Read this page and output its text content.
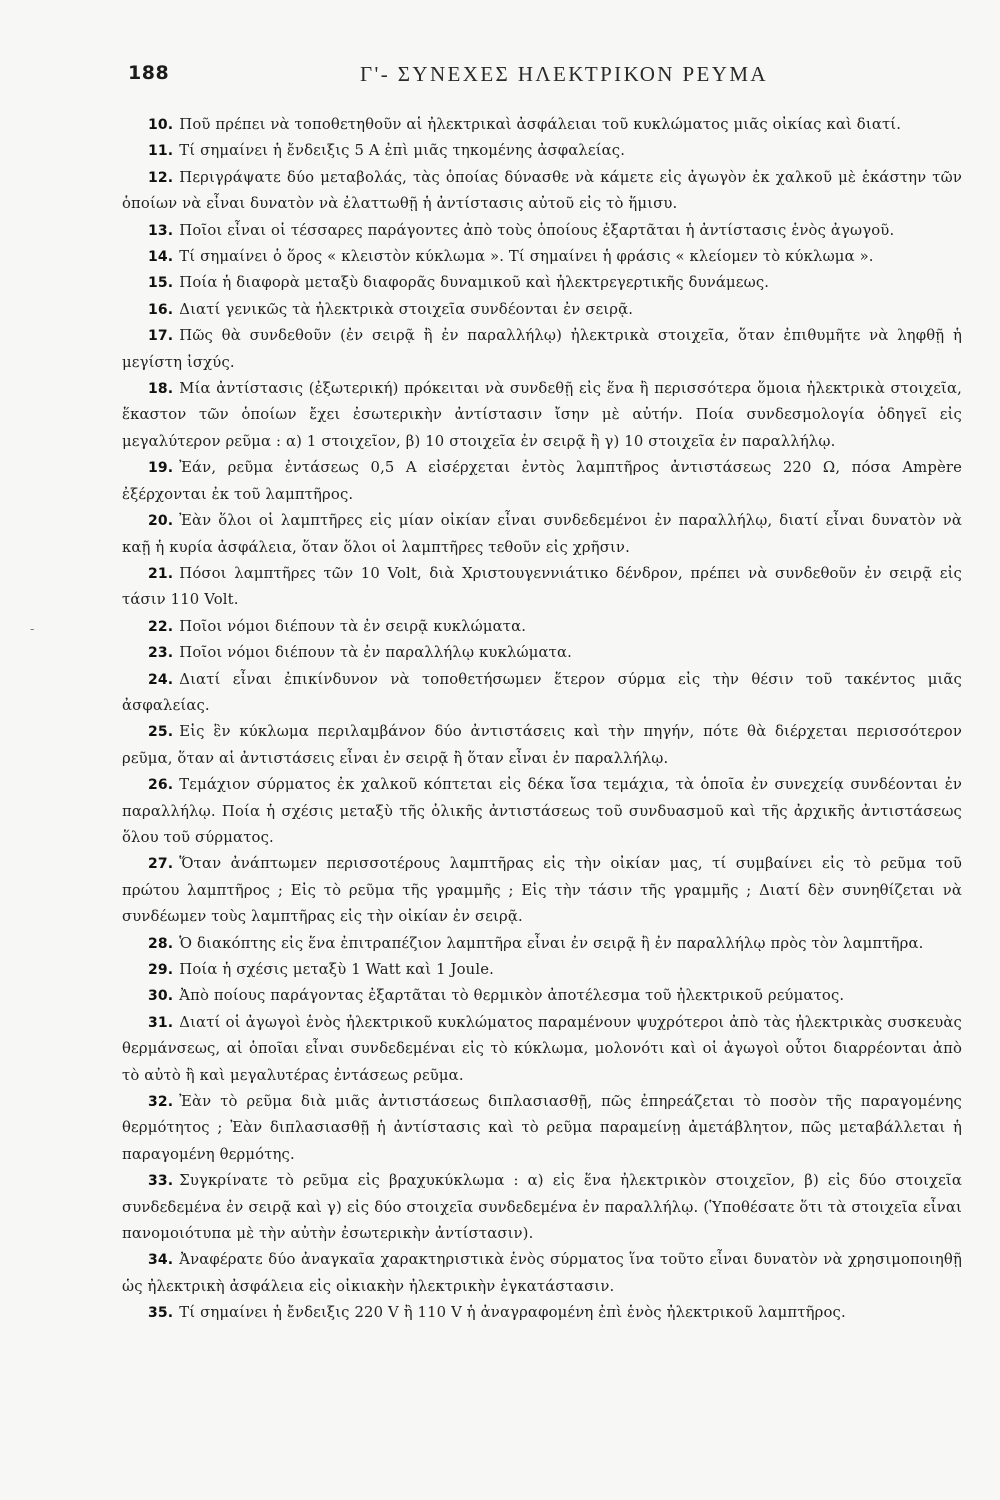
188	Γ'- ΣΥΝΕΧΕΣ ΗΛΕΚΤΡΙΚΟΝ ΡΕΥΜΑ
-
10. Ποῦ πρέπει νὰ τοποθετηθοῦν αἱ ἠλεκτρικαὶ ἀσφάλειαι τοῦ κυκλώματος μιᾶς οἰκίας καὶ διατί.
11. Τί σημαίνει ἡ ἔνδειξις 5 A ἐπὶ μιᾶς τηκομένης ἀσφαλείας.
12. Περιγράψατε δύο μεταβολάς, τὰς ὁποίας δύνασθε νὰ κάμετε εἰς ἀγωγὸν ἐκ χαλκοῦ μὲ ἑκάστην τῶν ὁποίων νὰ εἶναι δυνατὸν νὰ ἐλαττωθῇ ἡ ἀντίστασις αὐτοῦ εἰς τὸ ἥμισυ.
13. Ποῖοι εἶναι οἱ τέσσαρες παράγοντες ἀπὸ τοὺς ὁποίους ἐξαρτᾶται ἡ ἀντίστασις ἑνὸς ἀγωγοῦ.
14. Τί σημαίνει ὁ ὅρος « κλειστὸν κύκλωμα ». Τί σημαίνει ἡ φράσις « κλείομεν τὸ κύκλωμα ».
15. Ποία ἡ διαφορὰ μεταξὺ διαφορᾶς δυναμικοῦ καὶ ἠλεκτρεγερτικῆς δυνάμεως.
16. Διατί γενικῶς τὰ ἠλεκτρικὰ στοιχεῖα συνδέονται ἐν σειρᾷ.
17. Πῶς θὰ συνδεθοῦν (ἐν σειρᾷ ἢ ἐν παραλλήλῳ) ἠλεκτρικὰ στοιχεῖα, ὅταν ἐπιθυμῆτε νὰ ληφθῇ ἡ μεγίστη ἰσχύς.
18. Μία ἀντίστασις (ἐξωτερική) πρόκειται νὰ συνδεθῇ εἰς ἕνα ἢ περισσότερα ὅμοια ἠλεκτρικὰ στοιχεῖα, ἕκαστον τῶν ὁποίων ἔχει ἐσωτερικὴν ἀντίστασιν ἴσην μὲ αὐτήν. Ποία συνδεσμολογία ὁδηγεῖ εἰς μεγαλύτερον ρεῦμα : α) 1 στοιχεῖον, β) 10 στοιχεῖα ἐν σειρᾷ ἢ γ) 10 στοιχεῖα ἐν παραλλήλῳ.
19. Ἐάν, ρεῦμα ἐντάσεως 0,5 A εἰσέρχεται ἐντὸς λαμπτῆρος ἀντιστάσεως 220 Ω, πόσα Ampère ἐξέρχονται ἐκ τοῦ λαμπτῆρος.
20. Ἐὰν ὅλοι οἱ λαμπτῆρες εἰς μίαν οἰκίαν εἶναι συνδεδεμένοι ἐν παραλλήλῳ, διατί εἶναι δυνατὸν νὰ καῇ ἡ κυρία ἀσφάλεια, ὅταν ὅλοι οἱ λαμπτῆρες τεθοῦν εἰς χρῆσιν.
21. Πόσοι λαμπτῆρες τῶν 10 Volt, διὰ Χριστουγεννιάτικο δένδρον, πρέπει νὰ συνδεθοῦν ἐν σειρᾷ εἰς τάσιν 110 Volt.
22. Ποῖοι νόμοι διέπουν τὰ ἐν σειρᾷ κυκλώματα.
23. Ποῖοι νόμοι διέπουν τὰ ἐν παραλλήλῳ κυκλώματα.
24. Διατί εἶναι ἐπικίνδυνον νὰ τοποθετήσωμεν ἕτερον σύρμα εἰς τὴν θέσιν τοῦ τακέντος μιᾶς ἀσφαλείας.
25. Εἰς ἓν κύκλωμα περιλαμβάνον δύο ἀντιστάσεις καὶ τὴν πηγήν, πότε θὰ διέρχεται περισσότερον ρεῦμα, ὅταν αἱ ἀντιστάσεις εἶναι ἐν σειρᾷ ἢ ὅταν εἶναι ἐν παραλλήλῳ.
26. Τεμάχιον σύρματος ἐκ χαλκοῦ κόπτεται εἰς δέκα ἴσα τεμάχια, τὰ ὁποῖα ἐν συνεχείᾳ συνδέονται ἐν παραλλήλῳ. Ποία ἡ σχέσις μεταξὺ τῆς ὁλικῆς ἀντιστάσεως τοῦ συνδυασμοῦ καὶ τῆς ἀρχικῆς ἀντιστάσεως ὅλου τοῦ σύρματος.
27. Ὅταν ἀνάπτωμεν περισσοτέρους λαμπτῆρας εἰς τὴν οἰκίαν μας, τί συμβαίνει εἰς τὸ ρεῦμα τοῦ πρώτου λαμπτῆρος ; Εἰς τὸ ρεῦμα τῆς γραμμῆς ; Εἰς τὴν τάσιν τῆς γραμμῆς ; Διατί δὲν συνηθίζεται νὰ συνδέωμεν τοὺς λαμπτῆρας εἰς τὴν οἰκίαν ἐν σειρᾷ.
28. Ὁ διακόπτης εἰς ἕνα ἐπιτραπέζιον λαμπτῆρα εἶναι ἐν σειρᾷ ἢ ἐν παραλλήλῳ πρὸς τὸν λαμπτῆρα.
29. Ποία ἡ σχέσις μεταξὺ 1 Watt καὶ 1 Joule.
30. Ἀπὸ ποίους παράγοντας ἐξαρτᾶται τὸ θερμικὸν ἀποτέλεσμα τοῦ ἠλεκτρικοῦ ρεύματος.
31. Διατί οἱ ἀγωγοὶ ἑνὸς ἠλεκτρικοῦ κυκλώματος παραμένουν ψυχρότεροι ἀπὸ τὰς ἠλεκτρικὰς συσκευὰς θερμάνσεως, αἱ ὁποῖαι εἶναι συνδεδεμέναι εἰς τὸ κύκλωμα, μολονότι καὶ οἱ ἀγωγοὶ οὗτοι διαρρέονται ἀπὸ τὸ αὐτὸ ἢ καὶ μεγαλυτέρας ἐντάσεως ρεῦμα.
32. Ἐὰν τὸ ρεῦμα διὰ μιᾶς ἀντιστάσεως διπλασιασθῇ, πῶς ἐπηρεάζεται τὸ ποσὸν τῆς παραγομένης θερμότητος ; Ἐὰν διπλασιασθῇ ἡ ἀντίστασις καὶ τὸ ρεῦμα παραμείνῃ ἀμετάβλητον, πῶς μεταβάλλεται ἡ παραγομένη θερμότης.
33. Συγκρίνατε τὸ ρεῦμα εἰς βραχυκύκλωμα : α) εἰς ἕνα ἠλεκτρικὸν στοιχεῖον, β) εἰς δύο στοιχεῖα συνδεδεμένα ἐν σειρᾷ καὶ γ) εἰς δύο στοιχεῖα συνδεδεμένα ἐν παραλλήλῳ. (Ὑποθέσατε ὅτι τὰ στοιχεῖα εἶναι πανομοιότυπα μὲ τὴν αὐτὴν ἐσωτερικὴν ἀντίστασιν).
34. Ἀναφέρατε δύο ἀναγκαῖα χαρακτηριστικὰ ἑνὸς σύρματος ἵνα τοῦτο εἶναι δυνατὸν νὰ χρησιμοποιηθῇ ὡς ἠλεκτρικὴ ἀσφάλεια εἰς οἰκιακὴν ἠλεκτρικὴν ἐγκατάστασιν.
35. Τί σημαίνει ἡ ἔνδειξις 220 V ἢ 110 V ἡ ἀναγραφομένη ἐπὶ ἑνὸς ἠλεκτρικοῦ λαμπτῆρος.
